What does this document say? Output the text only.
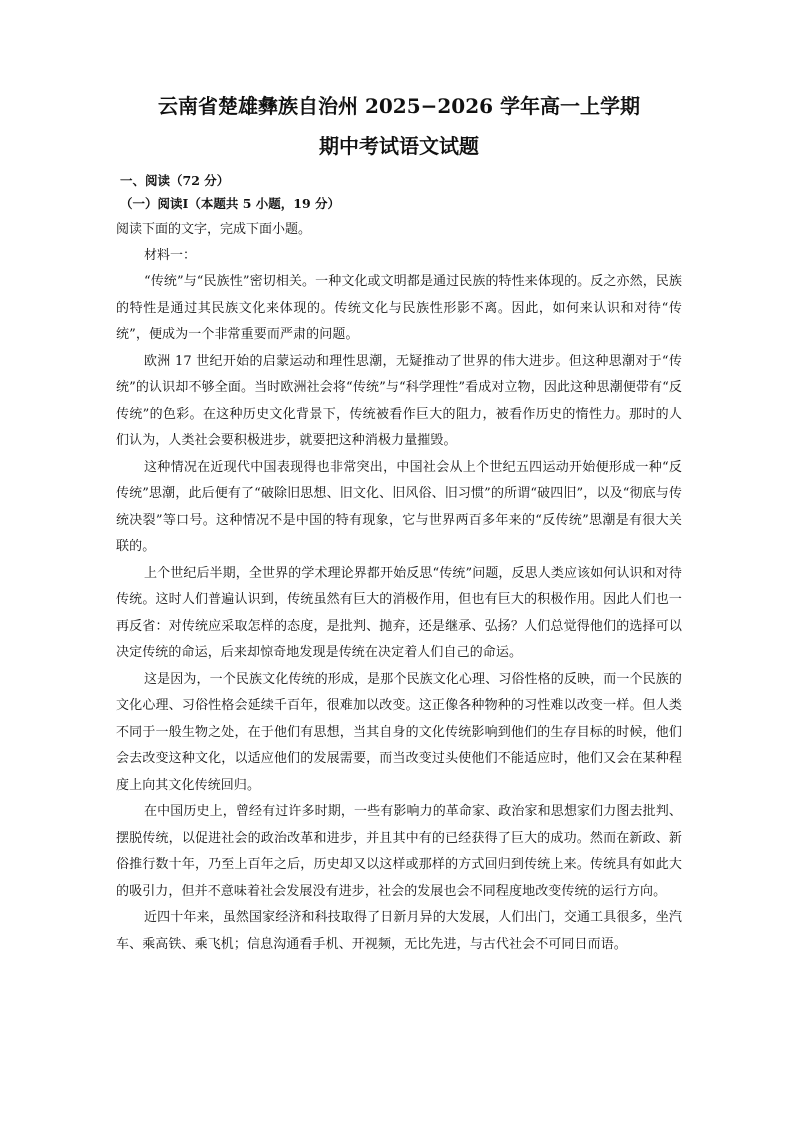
云南省楚雄彝族自治州 2025−2026 学年高一上学期

期中考试语文试题

一、阅读（72 分）

（一）阅读Ⅰ（本题共 5 小题，19 分）

阅读下面的文字，完成下面小题。

材料一：

“传统”与“民族性”密切相关。一种文化或文明都是通过民族的特性来体现的。反之亦然，民族的特性是通过其民族文化来体现的。传统文化与民族性形影不离。因此，如何来认识和对待“传统”，便成为一个非常重要而严肃的问题。

欧洲 17 世纪开始的启蒙运动和理性思潮，无疑推动了世界的伟大进步。但这种思潮对于“传统”的认识却不够全面。当时欧洲社会将“传统”与“科学理性”看成对立物，因此这种思潮便带有“反传统”的色彩。在这种历史文化背景下，传统被看作巨大的阻力，被看作历史的惰性力。那时的人们认为，人类社会要积极进步，就要把这种消极力量摧毁。

这种情况在近现代中国表现得也非常突出，中国社会从上个世纪五四运动开始便形成一种“反传统”思潮，此后便有了“破除旧思想、旧文化、旧风俗、旧习惯”的所谓“破四旧”，以及“彻底与传统决裂”等口号。这种情况不是中国的特有现象，它与世界两百多年来的“反传统”思潮是有很大关联的。

上个世纪后半期，全世界的学术理论界都开始反思“传统”问题，反思人类应该如何认识和对待传统。这时人们普遍认识到，传统虽然有巨大的消极作用，但也有巨大的积极作用。因此人们也一再反省：对传统应采取怎样的态度，是批判、抛弃，还是继承、弘扬？人们总觉得他们的选择可以决定传统的命运，后来却惊奇地发现是传统在决定着人们自己的命运。

这是因为，一个民族文化传统的形成，是那个民族文化心理、习俗性格的反映，而一个民族的文化心理、习俗性格会延续千百年，很难加以改变。这正像各种物种的习性难以改变一样。但人类不同于一般生物之处，在于他们有思想，当其自身的文化传统影响到他们的生存目标的时候，他们会去改变这种文化，以适应他们的发展需要，而当改变过头使他们不能适应时，他们又会在某种程度上向其文化传统回归。

在中国历史上，曾经有过许多时期，一些有影响力的革命家、政治家和思想家们力图去批判、摆脱传统，以促进社会的政治改革和进步，并且其中有的已经获得了巨大的成功。然而在新政、新俗推行数十年，乃至上百年之后，历史却又以这样或那样的方式回归到传统上来。传统具有如此大的吸引力，但并不意味着社会发展没有进步，社会的发展也会不同程度地改变传统的运行方向。

近四十年来，虽然国家经济和科技取得了日新月异的大发展，人们出门，交通工具很多，坐汽车、乘高铁、乘飞机；信息沟通看手机、开视频，无比先进，与古代社会不可同日而语。
